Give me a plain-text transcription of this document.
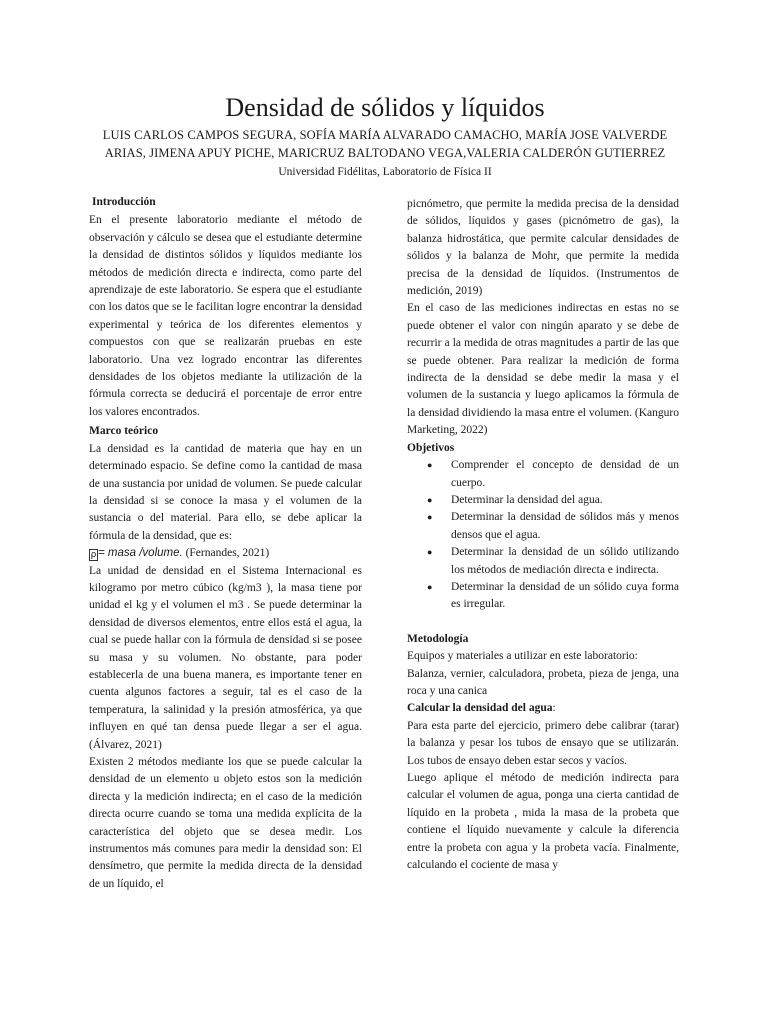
Densidad de sólidos y líquidos
LUIS CARLOS CAMPOS SEGURA, SOFÍA MARÍA ALVARADO CAMACHO, MARÍA JOSE VALVERDE
ARIAS, JIMENA APUY PICHE, MARICRUZ BALTODANO VEGA,VALERIA CALDERÓN GUTIERREZ
Universidad Fidélitas, Laboratorio de Física II

Introducción

En el presente laboratorio mediante el método de observación y cálculo se desea que el estudiante determine la densidad de distintos sólidos y líquidos mediante los métodos de medición directa e indirecta, como parte del aprendizaje de este laboratorio. Se espera que el estudiante con los datos que se le facilitan logre encontrar la densidad experimental y teórica de los diferentes elementos y compuestos con que se realizarán pruebas en este laboratorio. Una vez logrado encontrar las diferentes densidades de los objetos mediante la utilización de la fórmula correcta se deducirá el porcentaje de error entre los valores encontrados.

Marco teórico

La densidad es la cantidad de materia que hay en un determinado espacio. Se define como la cantidad de masa de una sustancia por unidad de volumen. Se puede calcular la densidad si se conoce la masa y el volumen de la sustancia o del material. Para ello, se debe aplicar la fórmula de la densidad, que es:

ρ = masa /volume. (Fernandes, 2021)

La unidad de densidad en el Sistema Internacional es kilogramo por metro cúbico (kg/m3 ), la masa tiene por unidad el kg y el volumen el m3 . Se puede determinar la densidad de diversos elementos, entre ellos está el agua, la cual se puede hallar con la fórmula de densidad si se posee su masa y su volumen. No obstante, para poder establecerla de una buena manera, es importante tener en cuenta algunos factores a seguir, tal es el caso de la temperatura, la salinidad y la presión atmosférica, ya que influyen en qué tan densa puede llegar a ser el agua.(Álvarez, 2021)

Existen 2 métodos mediante los que se puede calcular la densidad de un elemento u objeto estos son la medición directa y la medición indirecta; en el caso de la medición directa ocurre cuando se toma una medida explícita de la característica del objeto que se desea medir. Los instrumentos más comunes para medir la densidad son: El densímetro, que permite la medida directa de la densidad de un líquido, el

picnómetro, que permite la medida precisa de la densidad de sólidos, líquidos y gases (picnómetro de gas), la balanza hidrostática, que permite calcular densidades de sólidos y la balanza de Mohr, que permite la medida precisa de la densidad de líquidos. (Instrumentos de medición, 2019)

En el caso de las mediciones indirectas en estas no se puede obtener el valor con ningún aparato y se debe de recurrir a la medida de otras magnitudes a partir de las que se puede obtener. Para realizar la medición de forma indirecta de la densidad se debe medir la masa y el volumen de la sustancia y luego aplicamos la fórmula de la densidad dividiendo la masa entre el volumen. (Kanguro Marketing, 2022)

Objetivos

● Comprender el concepto de densidad de un cuerpo.
● Determinar la densidad del agua.
● Determinar la densidad de sólidos más y menos densos que el agua.
● Determinar la densidad de un sólido utilizando los métodos de mediación directa e indirecta.
● Determinar la densidad de un sólido cuya forma es irregular.

Metodología

Equipos y materiales a utilizar en este laboratorio:

Balanza, vernier, calculadora, probeta, pieza de jenga, una roca y una canica

Calcular la densidad del agua:

Para esta parte del ejercicio, primero debe calibrar (tarar) la balanza y pesar los tubos de ensayo que se utilizarán. Los tubos de ensayo deben estar secos y vacíos.

Luego aplique el método de medición indirecta para calcular el volumen de agua, ponga una cierta cantidad de líquido en la probeta , mida la masa de la probeta que contiene el líquido nuevamente y calcule la diferencia entre la probeta con agua y la probeta vacía. Finalmente, calculando el cociente de masa y
